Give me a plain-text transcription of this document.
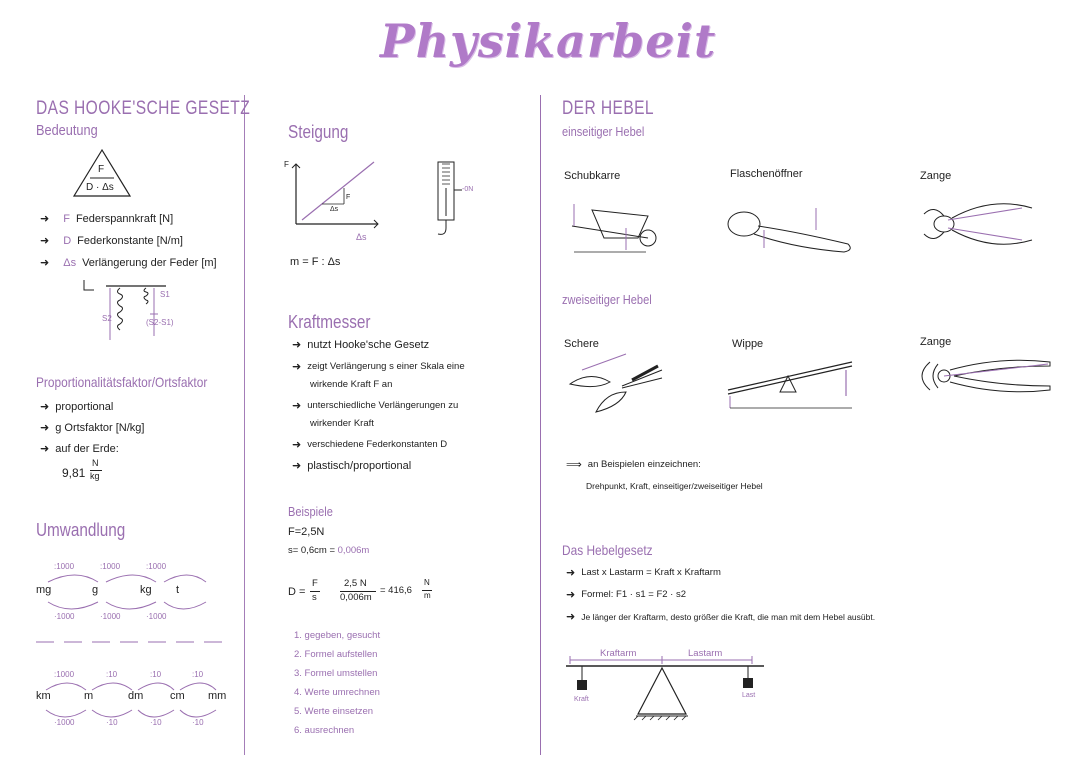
Physikarbeit
DAS HOOKE'SCHE GESETZ
Bedeutung
F
D · Δs
➜ F Federspannkraft [N]
➜ D Federkonstante [N/m]
➜ Δs Verlängerung der Feder [m]
S1
S2	(S2-S1)
Proportionalitätsfaktor/Ortsfaktor
➜ proportional
➜ g Ortsfaktor [N/kg]
➜ auf der Erde:
9,81
N
kg
Umwandlung
mg	g	kg t
:1000	:1000	:1000
·1000	·1000	·1000
km	m	dm cm mm
:1000	:10	:10	:10
·1000	·10	·10	·10
Steigung
F
Δs
Δs
F
m = F : Δs
-0N
Kraftmesser
➜ nutzt Hooke'sche Gesetz
➜ zeigt Verlängerung s einer Skala eine
wirkende Kraft F an
➜ unterschiedliche Verlängerungen zu
wirkender Kraft
➜ verschiedene Federkonstanten D
➜ plastisch/proportional
Beispiele
F=2,5N
s= 0,6cm = 0,006m
D =
F
s
2,5 N
0,006m
= 416,6
N
m
1. gegeben, gesucht
2. Formel aufstellen
3. Formel umstellen
4. Werte umrechnen
5. Werte einsetzen
6. ausrechnen
DER HEBEL
einseitiger Hebel
Schubkarre	Flaschenöffner	Zange
zweiseitiger Hebel
Schere	Wippe	Zange
⟹ an Beispielen einzeichnen:
Drehpunkt, Kraft, einseitiger/zweiseitiger Hebel
Das Hebelgesetz
➜ Last x Lastarm = Kraft x Kraftarm
➜ Formel: F1 · s1 = F2 · s2
➜ Je länger der Kraftarm, desto größer die Kraft, die man mit dem Hebel ausübt.
Kraftarm	Lastarm
Kraft
Last
